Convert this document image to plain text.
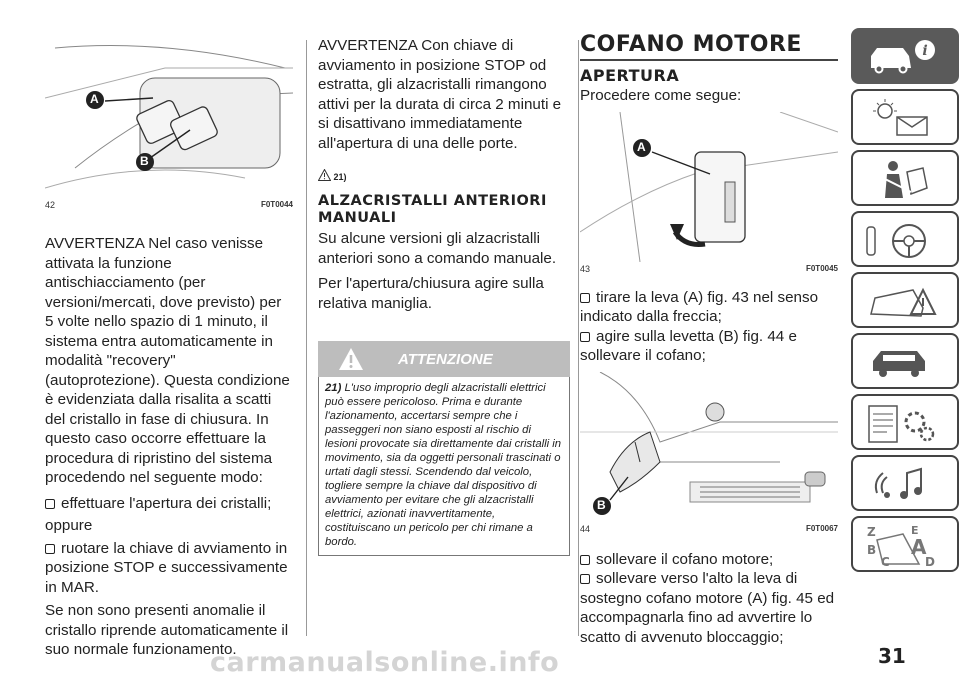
A
B
42	F0T0044

AVVERTENZA Nel caso venisse attivata la funzione antischiacciamento (per versioni/mercati, dove previsto) per 5 volte nello spazio di 1 minuto, il sistema entra automaticamente in modalità "recovery" (autoprotezione). Questa condizione è evidenziata dalla risalita a scatti del cristallo in fase di chiusura. In questo caso occorre effettuare la procedura di ripristino del sistema procedendo nel seguente modo:

effettuare l'apertura dei cristalli;

oppure

ruotare la chiave di avviamento in posizione STOP e successivamente in MAR.

Se non sono presenti anomalie il cristallo riprende automaticamente il suo normale funzionamento.

AVVERTENZA Con chiave di avviamento in posizione STOP od estratta, gli alzacristalli rimangono attivi per la durata di circa 2 minuti e si disattivano immediatamente all'apertura di una delle porte.

21)
ALZACRISTALLI ANTERIORI MANUALI

Su alcune versioni gli alzacristalli anteriori sono a comando manuale.

Per l'apertura/chiusura agire sulla relativa maniglia.

ATTENZIONE
21) L'uso improprio degli alzacristalli elettrici può essere pericoloso. Prima e durante l'azionamento, accertarsi sempre che i passeggeri non siano esposti al rischio di lesioni provocate sia direttamente dai cristalli in movimento, sia da oggetti personali trascinati o urtati dagli stessi. Scendendo dal veicolo, togliere sempre la chiave dal dispositivo di avviamento per evitare che gli alzacristalli elettrici, azionati inavvertitamente, costituiscano un pericolo per chi rimane a bordo.
COFANO MOTORE
APERTURA

Procedere come segue:

A
43	F0T0045

tirare la leva (A) fig. 43 nel senso indicato dalla freccia;

agire sulla levetta (B) fig. 44 e sollevare il cofano;

B
44	F0T0067

sollevare il cofano motore;

sollevare verso l'alto la leva di sostegno cofano motore (A) fig. 45 ed accompagnarla fino ad avvertire lo scatto di avvenuto bloccaggio;

i
Z	E
B A
C	D
31
carmanualsonline.info
